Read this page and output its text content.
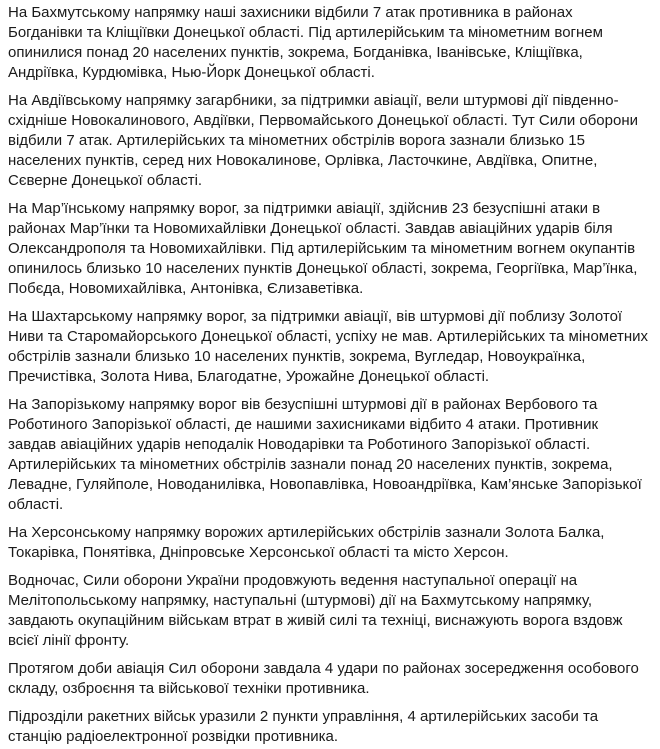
На Бахмутському напрямку наші захисники відбили 7 атак противника в районах Богданівки та Кліщіївки Донецької області. Під артилерійським та мінометним вогнем опинилися понад 20 населених пунктів, зокрема, Богданівка, Іванівське, Кліщіївка, Андріївка, Курдюмівка, Нью-Йорк Донецької області.

На Авдіївському напрямку загарбники, за підтримки авіації, вели штурмові дії південно-східніше Новокалинового, Авдіївки, Первомайського Донецької області. Тут Сили оборони відбили 7 атак. Артилерійських та мінометних обстрілів ворога зазнали близько 15 населених пунктів, серед них Новокалинове, Орлівка, Ласточкине, Авдіївка, Опитне, Сєверне Донецької області.

На Мар’їнському напрямку ворог, за підтримки авіації, здійснив 23 безуспішні атаки в районах Мар’їнки та Новомихайлівки Донецької області. Завдав авіаційних ударів біля Олександрополя та Новомихайлівки. Під артилерійським та мінометним вогнем окупантів опинилось близько 10 населених пунктів Донецької області, зокрема, Георгіївка, Мар’їнка, Побєда, Новомихайлівка, Антонівка, Єлизаветівка.

На Шахтарському напрямку ворог, за підтримки авіації, вів штурмові дії поблизу Золотої Ниви та Старомайорського Донецької області, успіху не мав. Артилерійських та мінометних обстрілів зазнали близько 10 населених пунктів, зокрема, Вугледар, Новоукраїнка, Пречистівка, Золота Нива, Благодатне, Урожайне Донецької області.

На Запорізькому напрямку ворог вів безуспішні штурмові дії в районах Вербового та Роботиного Запорізької області, де нашими захисниками відбито 4 атаки. Противник завдав авіаційних ударів неподалік Новодарівки та Роботиного Запорізької області. Артилерійських та мінометних обстрілів зазнали понад 20 населених пунктів, зокрема, Левадне, Гуляйполе, Новоданилівка, Новопавлівка, Новоандріївка, Кам’янське Запорізької області.

На Херсонському напрямку ворожих артилерійських обстрілів зазнали Золота Балка, Токарівка, Понятівка, Дніпровське Херсонської області та місто Херсон.

Водночас, Сили оборони України продовжують ведення наступальної операції на Мелітопольському напрямку, наступальні (штурмові) дії на Бахмутському напрямку, завдають окупаційним військам втрат в живій силі та техніці, виснажують ворога вздовж всієї лінії фронту.

Протягом доби авіація Сил оборони завдала 4 удари по районах зосередження особового складу, озброєння та військової техніки противника.

Підрозділи ракетних військ уразили 2 пункти управління, 4 артилерійських засоби та станцію радіоелектронної розвідки противника.
